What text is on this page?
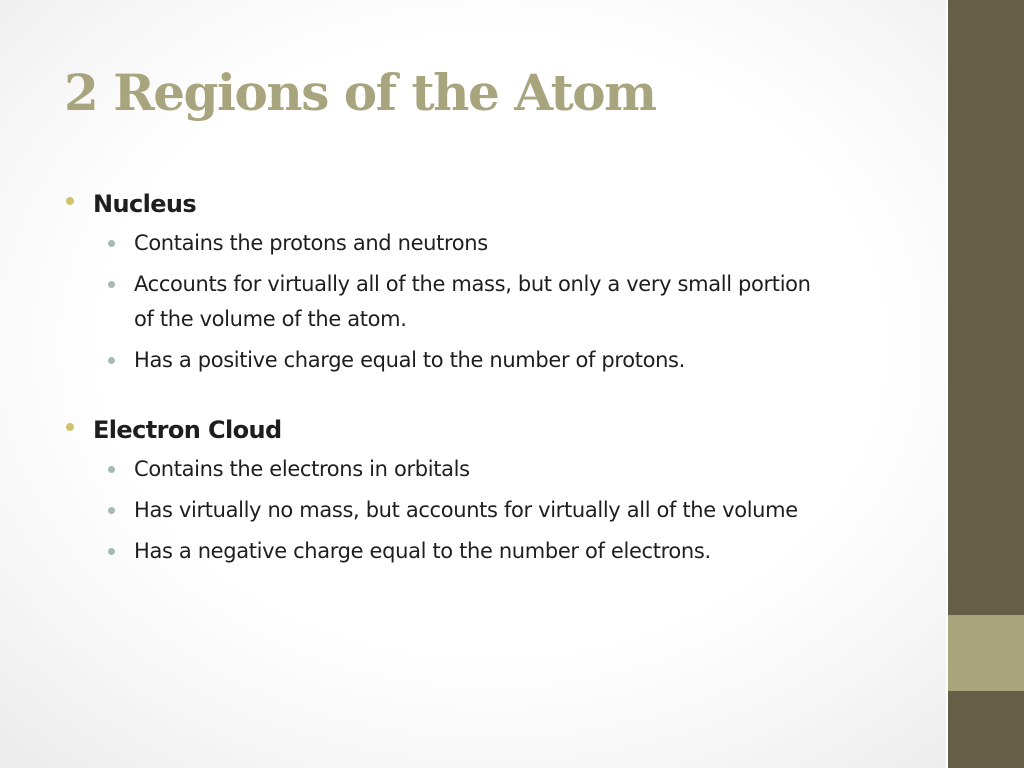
2 Regions of the Atom
Nucleus
Contains the protons and neutrons
Accounts for virtually all of the mass, but only a very small portion of the volume of the atom.
Has a positive charge equal to the number of protons.
Electron Cloud
Contains the electrons in orbitals
Has virtually no mass, but accounts for virtually all of the volume
Has a negative charge equal to the number of electrons.
